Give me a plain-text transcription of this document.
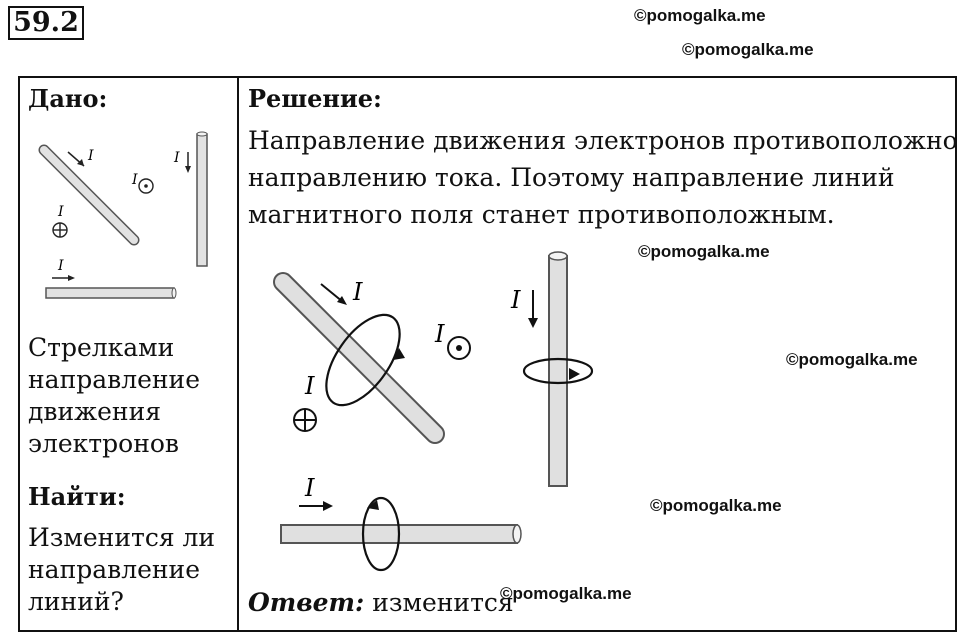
59.2	©pomogalka.me
©pomogalka.me
Дано:
I
I
I
I
I
Стрелками
направление
движения
электронов
Найти:
Изменится ли
направление
линий?
Решение:
Направление движения электронов противоположно
направлению тока. Поэтому направление линий
магнитного поля станет противоположным.
I
I
I
I
I
©pomogalka.me
©pomogalka.me
©pomogalka.me
Ответ: изменится
©pomogalka.me
